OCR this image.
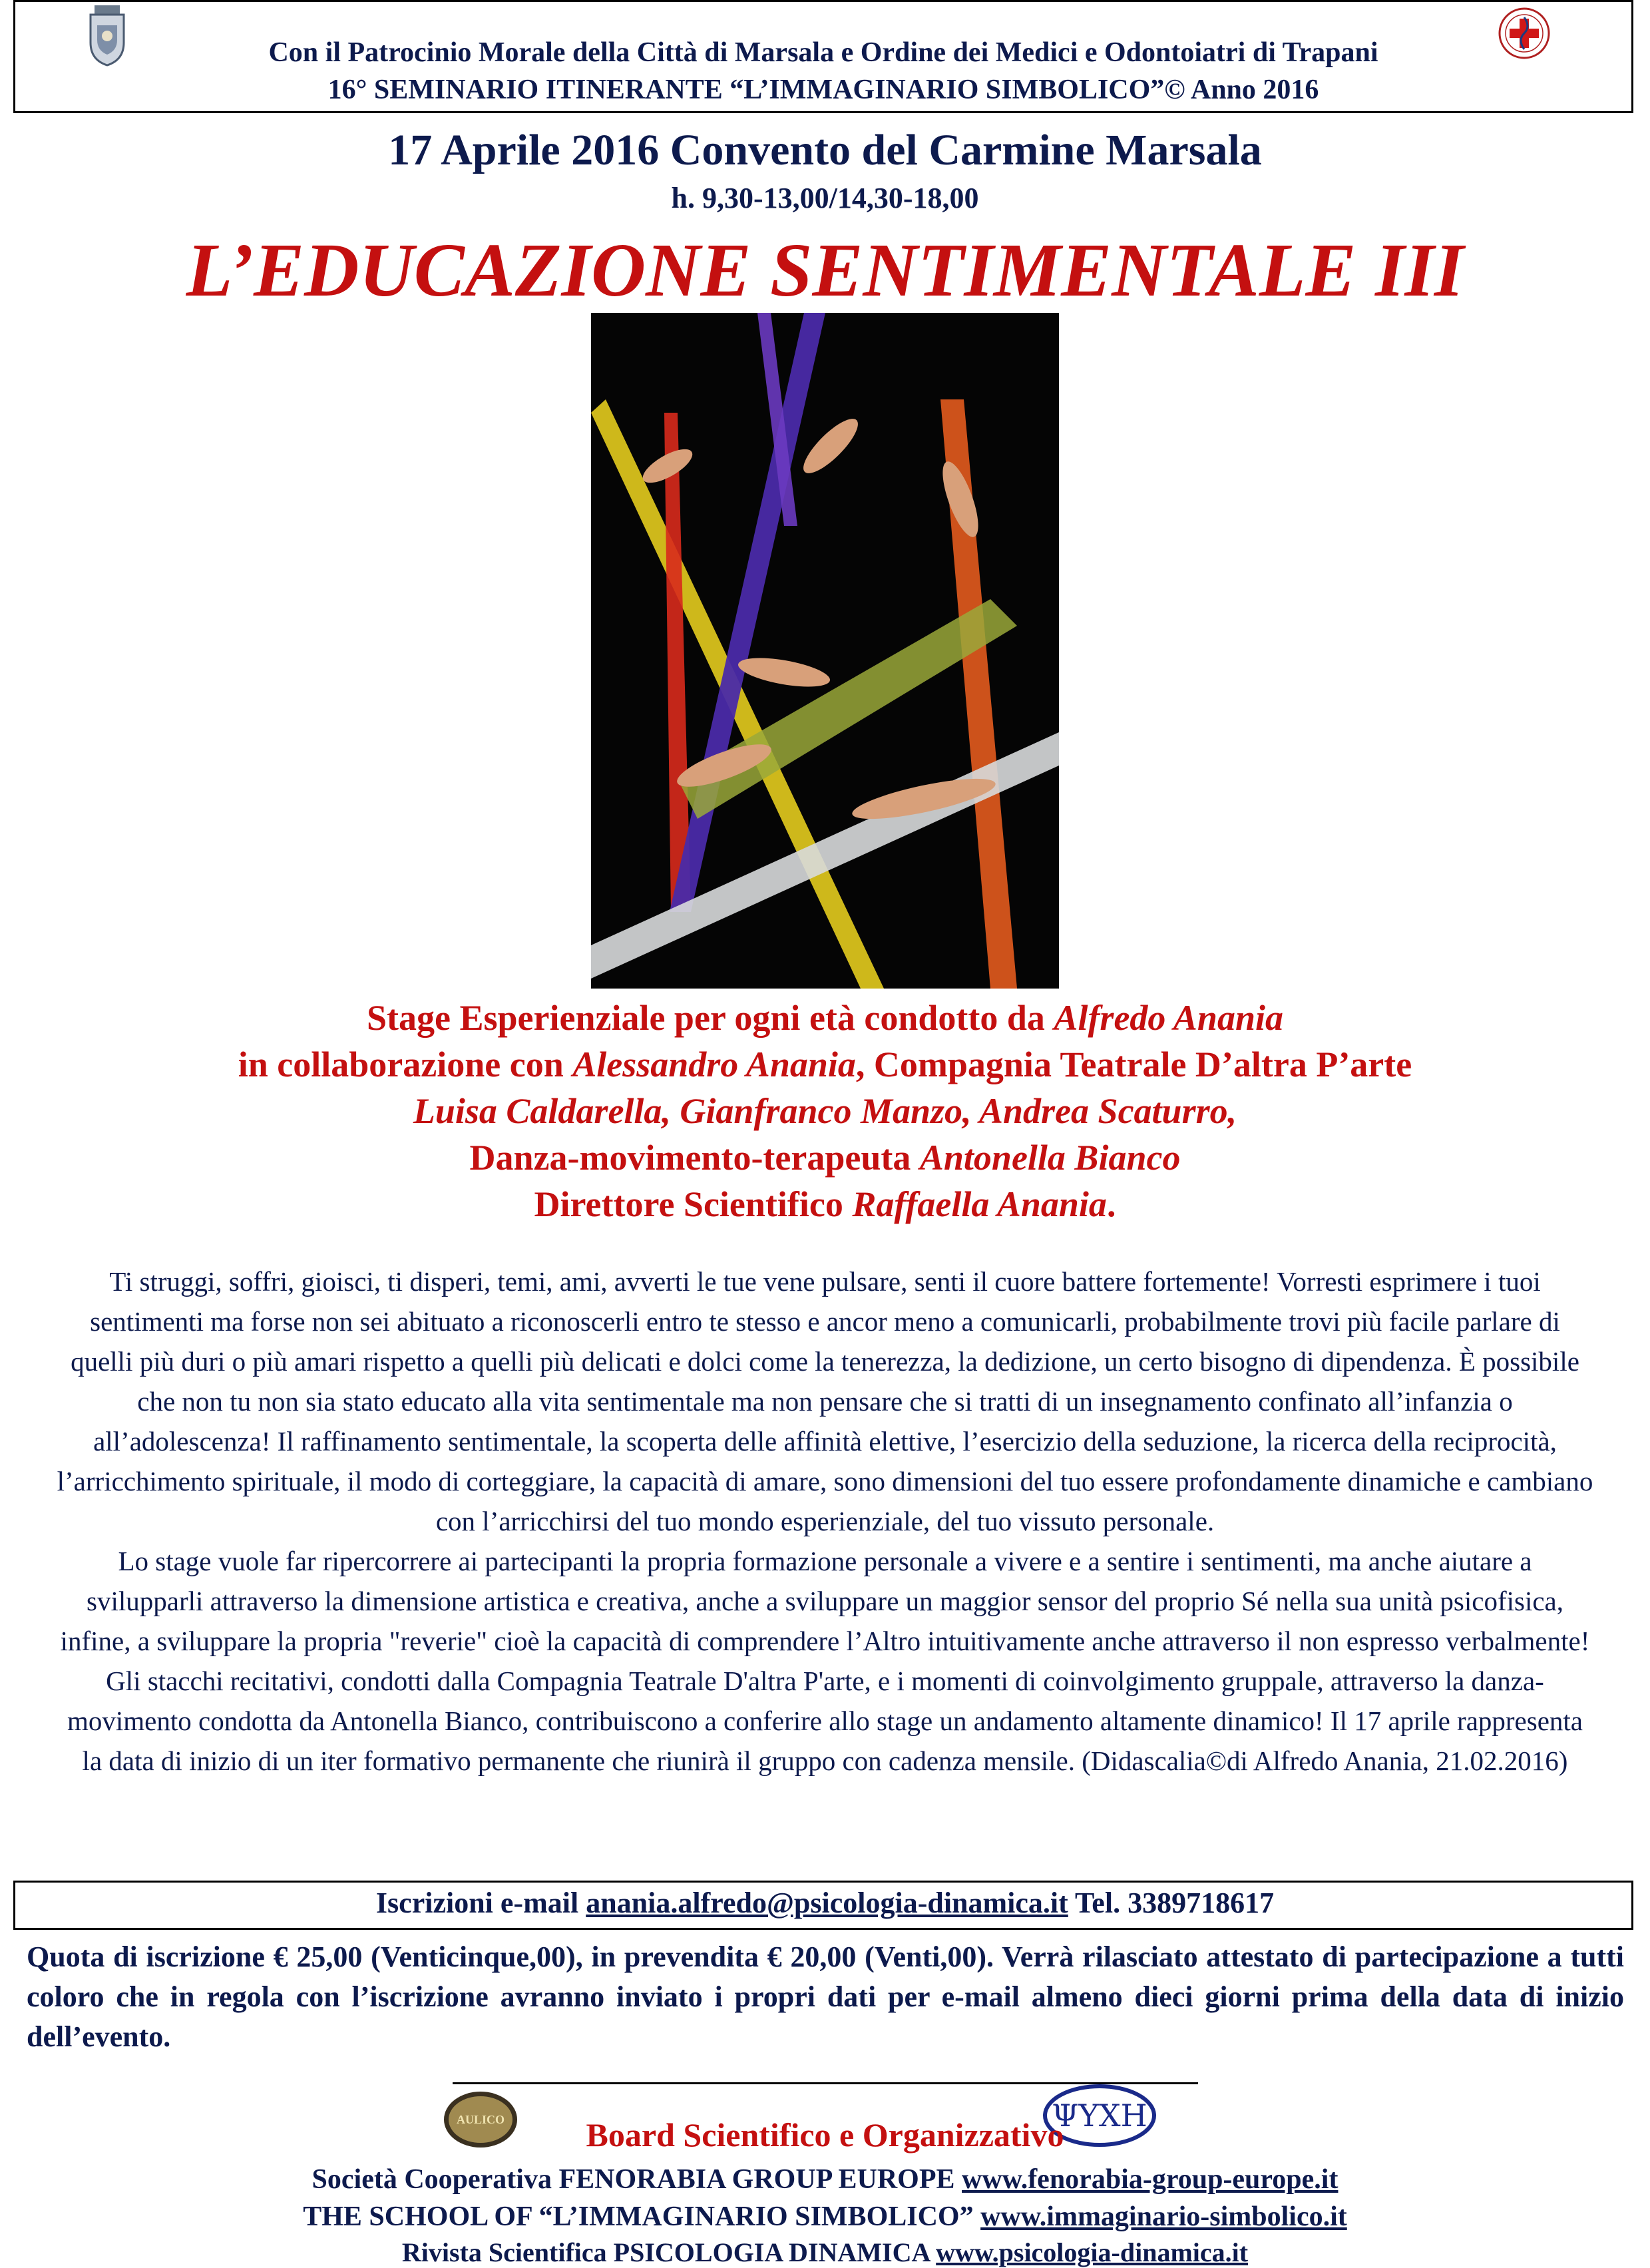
Con il Patrocinio Morale della Città di Marsala e Ordine dei Medici e Odontoiatri di Trapani
16° SEMINARIO ITINERANTE “L’IMMAGINARIO SIMBOLICO”© Anno 2016
17 Aprile 2016 Convento del Carmine Marsala
h. 9,30-13,00/14,30-18,00
L’EDUCAZIONE SENTIMENTALE III
Stage Esperienziale per ogni età condotto da Alfredo Anania
in collaborazione con Alessandro Anania, Compagnia Teatrale D’altra P’arte
Luisa Caldarella, Gianfranco Manzo, Andrea Scaturro,
Danza-movimento-terapeuta Antonella Bianco
Direttore Scientifico Raffaella Anania.

Ti struggi, soffri, gioisci, ti disperi, temi, ami, avverti le tue vene pulsare, senti il cuore battere fortemente! Vorresti esprimere i tuoi sentimenti ma forse non sei abituato a riconoscerli entro te stesso e ancor meno a comunicarli, probabilmente trovi più facile parlare di quelli più duri o più amari rispetto a quelli più delicati e dolci come la tenerezza, la dedizione, un certo bisogno di dipendenza. È possibile che non tu non sia stato educato alla vita sentimentale ma non pensare che si tratti di un insegnamento confinato all’infanzia o all’adolescenza! Il raffinamento sentimentale, la scoperta delle affinità elettive, l’esercizio della seduzione, la ricerca della reciprocità, l’arricchimento spirituale, il modo di corteggiare, la capacità di amare, sono dimensioni del tuo essere profondamente dinamiche e cambiano con l’arricchirsi del tuo mondo esperienziale, del tuo vissuto personale.

Lo stage vuole far ripercorrere ai partecipanti la propria formazione personale a vivere e a sentire i sentimenti, ma anche aiutare a svilupparli attraverso la dimensione artistica e creativa, anche a sviluppare un maggior sensor del proprio Sé nella sua unità psicofisica, infine, a sviluppare la propria "reverie" cioè la capacità di comprendere l’Altro intuitivamente anche attraverso il non espresso verbalmente!

Gli stacchi recitativi, condotti dalla Compagnia Teatrale D'altra P'arte, e i momenti di coinvolgimento gruppale, attraverso la danza-movimento condotta da Antonella Bianco, contribuiscono a conferire allo stage un andamento altamente dinamico! Il 17 aprile rappresenta la data di inizio di un iter formativo permanente che riunirà il gruppo con cadenza mensile. (Didascalia©di Alfredo Anania, 21.02.2016)

Iscrizioni e-mail anania.alfredo@psicologia-dinamica.it Tel. 3389718617
Quota di iscrizione € 25,00 (Venticinque,00), in prevendita € 20,00 (Venti,00). Verrà rilasciato attestato di partecipazione a tutti coloro che in regola con l’iscrizione avranno inviato i propri dati per e-mail almeno dieci giorni prima della data di inizio dell’evento.
AULICO	ΨΥΧΗ
Board Scientifico e Organizzativo
Società Cooperativa FENORABIA GROUP EUROPE www.fenorabia-group-europe.it
THE SCHOOL OF “L’IMMAGINARIO SIMBOLICO” www.immaginario-simbolico.it
Rivista Scientifica PSICOLOGIA DINAMICA www.psicologia-dinamica.it
